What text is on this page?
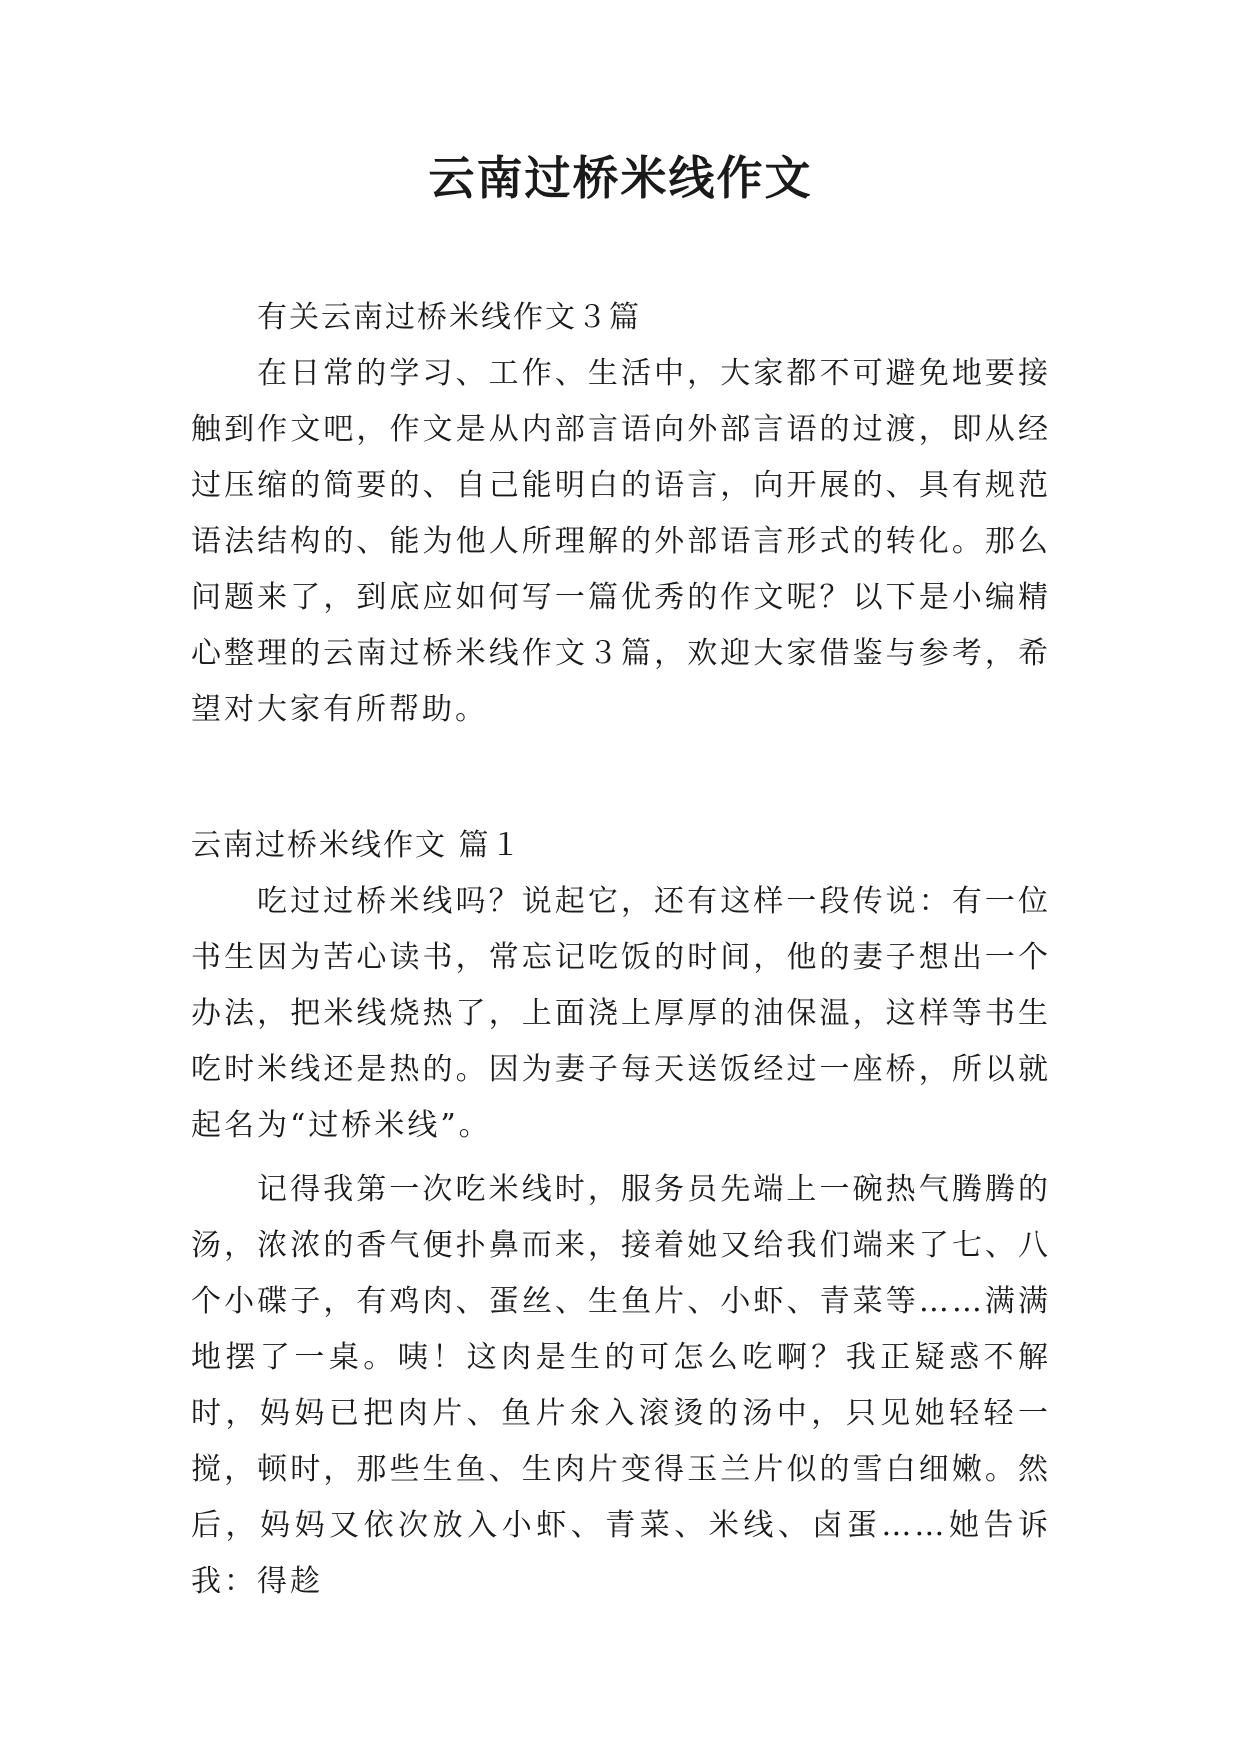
云南过桥米线作文

有关云南过桥米线作文３篇

在日常的学习、工作、生活中，大家都不可避免地要接触到作文吧，作文是从内部言语向外部言语的过渡，即从经过压缩的简要的、自己能明白的语言，向开展的、具有规范语法结构的、能为他人所理解的外部语言形式的转化。那么问题来了，到底应如何写一篇优秀的作文呢？以下是小编精心整理的云南过桥米线作文３篇，欢迎大家借鉴与参考，希望对大家有所帮助。

云南过桥米线作文 篇１

吃过过桥米线吗？说起它，还有这样一段传说：有一位书生因为苦心读书，常忘记吃饭的时间，他的妻子想出一个办法，把米线烧热了，上面浇上厚厚的油保温，这样等书生吃时米线还是热的。因为妻子每天送饭经过一座桥，所以就起名为“过桥米线”。

记得我第一次吃米线时，服务员先端上一碗热气腾腾的汤，浓浓的香气便扑鼻而来，接着她又给我们端来了七、八个小碟子，有鸡肉、蛋丝、生鱼片、小虾、青菜等……满满地摆了一桌。咦！这肉是生的可怎么吃啊？我正疑惑不解时，妈妈已把肉片、鱼片氽入滚烫的汤中，只见她轻轻一搅，顿时，那些生鱼、生肉片变得玉兰片似的雪白细嫩。然后，妈妈又依次放入小虾、青菜、米线、卤蛋……她告诉我：得趁
